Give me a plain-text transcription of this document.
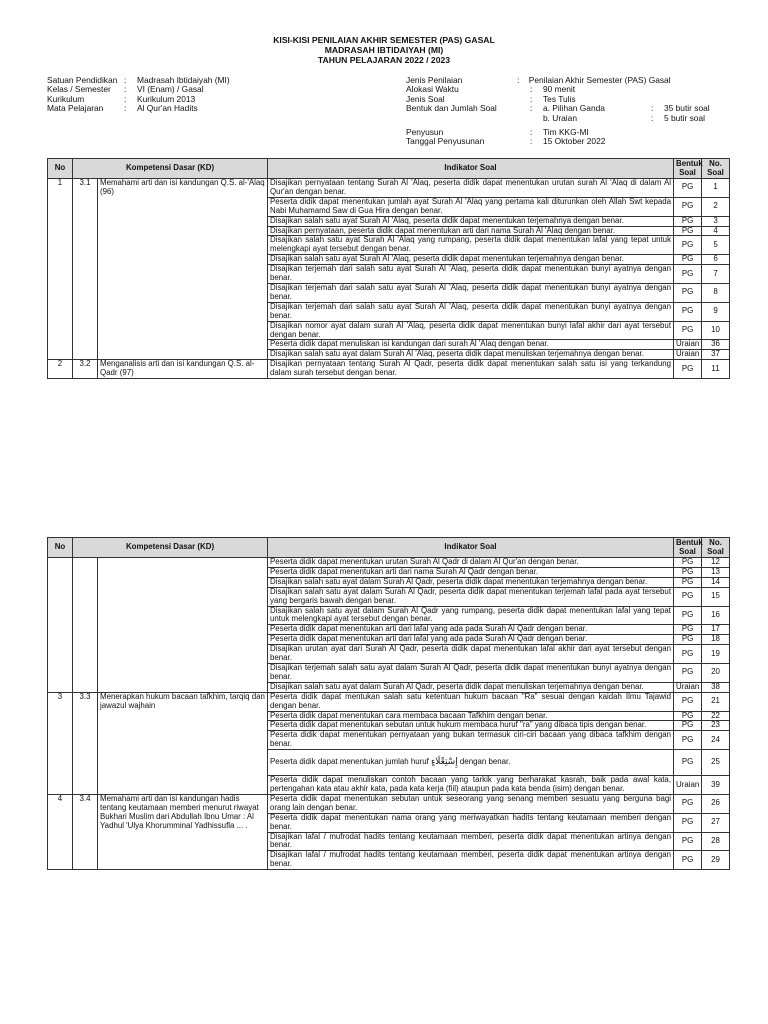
KISI-KISI PENILAIAN AKHIR SEMESTER (PAS) GASAL
MADRASAH IBTIDAIYAH (MI)
TAHUN PELAJARAN 2022 / 2023
Satuan Pendidikan :	Madrasah Ibtidaiyah (MI)
Kelas / Semester	:	VI (Enam) / Gasal
Kurikulum	:	Kurikulum 2013
Mata Pelajaran	:	Al Qur'an Hadits
Jenis Penilaian	:	Penilaian Akhir Semester (PAS) Gasal
Alokasi Waktu	:	90 menit
Jenis Soal	:	Tes Tulis
Bentuk dan Jumlah Soal	:	a. Pilihan Ganda	:	35 butir soal
b. Uraian	:	5 butir soal
Penyusun	:	Tim KKG-MI
Tanggal Penyusunan	:	15 Oktober 2022
No	Kompetensi Dasar (KD)		Indikator Soal	Bentuk Soal	No. Soal
1	3.1	Memahami arti dan isi kandungan Q.S. al-'Alaq (96)	Disajikan pernyataan tentang Surah Al 'Alaq, peserta didik dapat menentukan urutan surah Al 'Alaq di dalam Al Qur'an dengan benar.	PG	1
			Peserta didik dapat menentukan jumlah ayat Surah Al 'Alaq yang pertama kali diturunkan oleh Allah Swt kepada Nabi Muhamamd Saw di Gua Hira dengan benar.	PG	2
			Disajikan salah satu ayat Surah Al 'Alaq, peserta didik dapat menentukan terjemahnya dengan benar.	PG	3
			Disajikan pernyataan, peserta didik dapat menentukan arti dari nama Surah Al 'Alaq dengan benar.	PG	4
			Disajikan salah satu ayat Surah Al 'Alaq yang rumpang, peserta didik dapat menentukan lafal yang tepat untuk melengkapi ayat tersebut dengan benar.	PG	5
			Disajikan salah satu ayat Surah Al 'Alaq, peserta didik dapat menentukan terjemahnya dengan benar.	PG	6
			Disajikan terjemah dari salah satu ayat Surah Al 'Alaq, peserta didik dapat menentukan bunyi ayatnya dengan benar.	PG	7
			Disajikan terjemah dari salah satu ayat Surah Al 'Alaq, peserta didik dapat menentukan bunyi ayatnya dengan benar.	PG	8
			Disajikan terjemah dari salah satu ayat Surah Al 'Alaq, peserta didik dapat menentukan bunyi ayatnya dengan benar.	PG	9
			Disajikan nomor ayat dalam surah Al 'Alaq, peserta didik dapat menentukan bunyi lafal akhir dari ayat tersebut dengan benar.	PG	10
			Peserta didik dapat menuliskan isi kandungan dari surah Al 'Alaq dengan benar.	Uraian	36
			Disajikan salah satu ayat dalam Surah Al 'Alaq, peserta didik dapat menuliskan terjemahnya dengan benar.	Uraian	37
2	3.2	Menganalisis arti dan isi kandungan Q.S. al-Qadr (97)	Disajikan pernyataan tentang Surah Al Qadr, peserta didik dapat menentukan salah satu isi yang terkandung dalam surah tersebut dengan benar.	PG	11
No	Kompetensi Dasar (KD)		Indikator Soal	Bentuk Soal	No. Soal
			Peserta didik dapat menentukan urutan Surah Al Qadr di dalam Al Qur'an dengan benar.	PG	12
			Peserta didik dapat menentukan arti dari nama Surah Al Qadr dengan benar.	PG	13
			Disajikan salah satu ayat dalam Surah Al Qadr, peserta didik dapat menentukan terjemahnya dengan benar.	PG	14
			Disajikan salah satu ayat dalam Surah Al Qadr, peserta didik dapat menentukan terjemah lafal pada ayat tersebut yang bergaris bawah dengan benar.	PG	15
			Disajikan salah satu ayat dalam Surah Al Qadr yang rumpang, peserta didik dapat menentukan lafal yang tepat untuk melengkapi ayat tersebut dengan benar.	PG	16
			Peserta didik dapat menentukan arti dari lafal yang ada pada Surah Al Qadr dengan benar.	PG	17
			Peserta didik dapat menentukan arti dari lafal yang ada pada Surah Al Qadr dengan benar.	PG	18
			Disajikan urutan ayat dari Surah Al Qadr, peserta didik dapat menentukan lafal akhir dari ayat tersebut dengan benar.	PG	19
			Disajikan terjemah salah satu ayat dalam Surah Al Qadr, peserta didik dapat menentukan bunyi ayatnya dengan benar.	PG	20
			Disajikan salah satu ayat dalam Surah Al Qadr, peserta didik dapat menuliskan terjemahnya dengan benar.	Uraian	38
3	3.3	Menerapkan hukum bacaan tafkhim, tarqiq dan jawazul wajhain	Peserta didik dapat mentukan salah satu ketentuan hukum bacaan "Ra" sesuai dengan kaidah Ilmu Tajawid dengan benar.	PG	21
			Peserta didik dapat menentukan cara membaca bacaan Tafkhim dengan benar.	PG	22
			Peserta didik dapat menentukan sebutan untuk hukum membaca huruf "ra" yang dibaca tipis dengan benar.	PG	23
			Peserta didik dapat menentukan pernyataan yang bukan termasuk ciri-ciri bacaan yang dibaca tafkhim dengan benar.	PG	24
			Peserta didik dapat menentukan jumlah huruf إِسْتِعْلَاءٍ dengan benar.	PG	25
			Peserta didik dapat menuliskan contoh bacaan yang tarkik yang berharakat kasrah, baik pada awal kata, pertengahan kata atau akhir kata, pada kata kerja (fiil) ataupun pada kata benda (isim) dengan benar.	Uraian	39
4	3.4	Memahami arti dan isi kandungan hadis tentang keutamaan memberi menurut riwayat Bukhari Muslim dari Abdullah Ibnu Umar : Al Yadhul 'Ulya Khorumminal Yadhissufla ... .	Peserta didik dapat menentukan sebutan untuk seseorang yang senang memberi sesuatu yang berguna bagi orang lain dengan benar.	PG	26
			Peserta didik dapat menentukan nama orang yang meriwayatkan hadits tentang keutamaan memberi dengan benar.	PG	27
			Disajikan lafal / mufrodat hadits tentang keutamaan memberi, peserta didik dapat menentukan artinya dengan benar.	PG	28
			Disajikan lafal / mufrodat hadits tentang keutamaan memberi, peserta didik dapat menentukan artinya dengan benar.	PG	29
